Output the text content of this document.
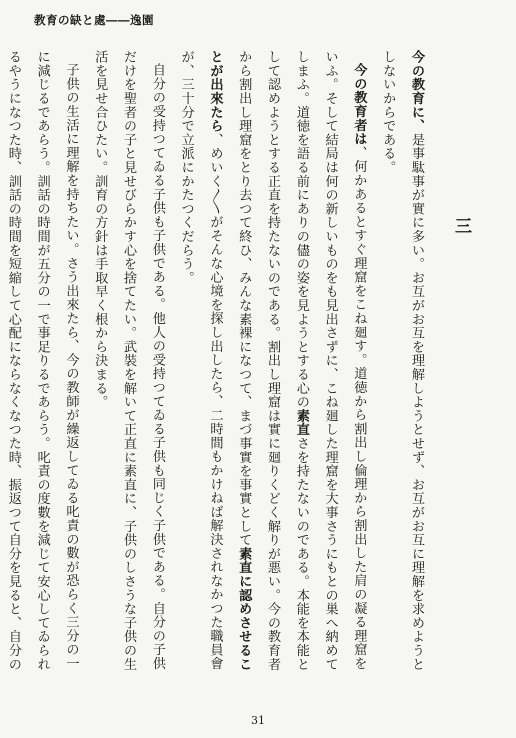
教育の缺と處――逸園
三

今の教育に、是事駄事が實に多い。お互がお互を理解しようとせず、お互がお互に理解を求めようとしないからである。

今の教育者は、何かあるとすぐ理窟をこね廻す。道徳から割出し倫理から割出した肩の凝る理窟をいふ。そして結局は何の新しいものをも見出さずに、こね廻した理窟を大事さうにもとの巣へ納めてしまふ。道徳を語る前にありの儘の姿を見ようとする心の素直さを持たないのである。本能を本能として認めようとする正直を持たないのである。割出し理窟は實に廻りくどく解りが悪い。今の教育者から割出し理窟をとり去つて終ひ、みんな素裸になつて、まづ事實を事實として素直に認めさせることが出來たら、めいく〳〵がそんな心境を探し出したら、二時間もかけねば解決されなかつた職員會が、三十分で立派にかたつくだらう。

自分の受持つてゐる子供も子供である。他人の受持つてゐる子供も同じく子供である。自分の子供だけを聖者の子と見せびらかす心を捨てたい。武裝を解いて正直に素直に、子供のしさうな子供の生活を見せ合ひたい。訓育の方針は手取早く根から決まる。

子供の生活に理解を持ちたい。さう出來たら、今の教師が繰返してゐる叱責の數が恐らく三分の一に減じるであらう。訓話の時間が五分の一で事足りるであらう。叱責の度數を減じて安心してゐられるやうになつた時、訓話の時間を短縮して心配にならなくなつた時、振返つて自分を見ると、自分の

31
